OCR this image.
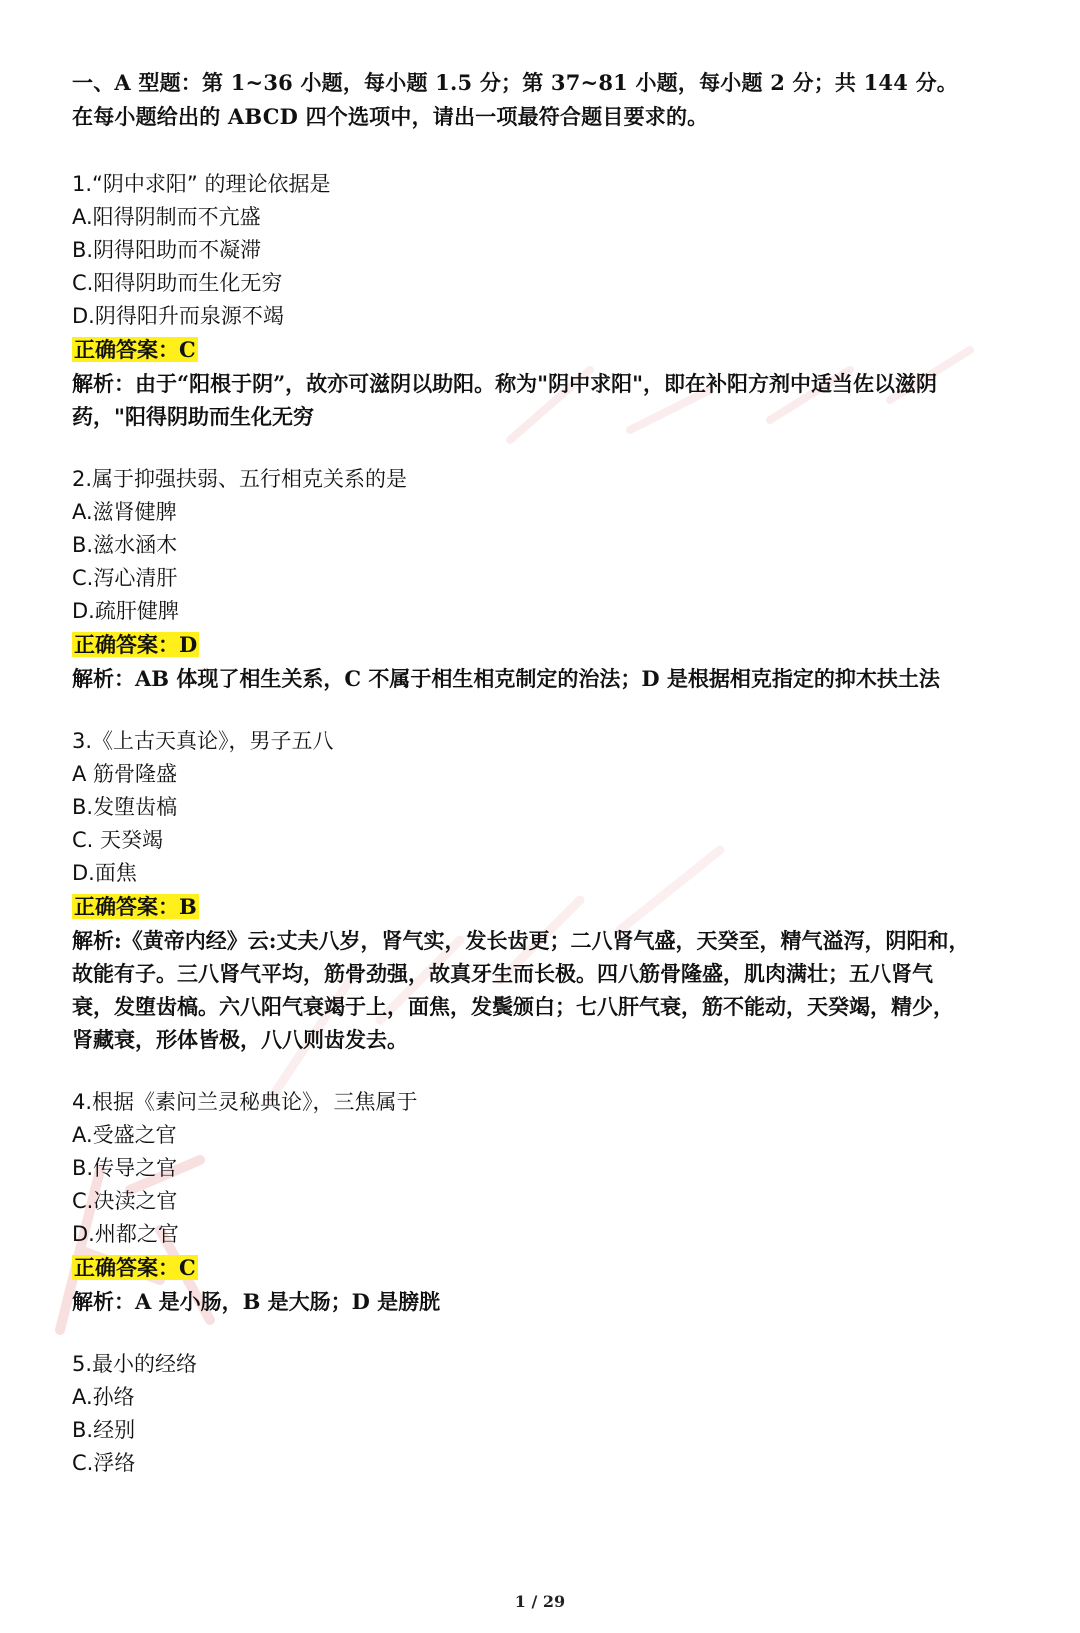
一、A 型题：第 1~36 小题，每小题 1.5 分；第 37~81 小题，每小题 2 分；共 144 分。在每小题给出的 ABCD 四个选项中，请出一项最符合题目要求的。
1.“阴中求阳” 的理论依据是
A.阳得阴制而不亢盛
B.阴得阳助而不凝滞
C.阳得阴助而生化无穷
D.阴得阳升而泉源不竭
正确答案：C
解析：由于“阳根于阴”，故亦可滋阴以助阳。称为"阴中求阳"，即在补阳方剂中适当佐以滋阴药，"阳得阴助而生化无穷
2.属于抑强扶弱、五行相克关系的是
A.滋肾健脾
B.滋水涵木
C.泻心清肝
D.疏肝健脾
正确答案：D
解析：AB 体现了相生关系，C 不属于相生相克制定的治法；D 是根据相克指定的抑木扶土法
3.《上古天真论》，男子五八
A 筋骨隆盛
B.发堕齿槁
C. 天癸竭
D.面焦
正确答案：B
解析:《黄帝内经》云:丈夫八岁，肾气实，发长齿更；二八肾气盛，天癸至，精气溢泻，阴阳和，故能有子。三八肾气平均，筋骨劲强，故真牙生而长极。四八筋骨隆盛，肌肉满壮；五八肾气衰，发堕齿槁。六八阳气衰竭于上，面焦，发鬓颁白；七八肝气衰，筋不能动，天癸竭，精少，肾藏衰，形体皆极，八八则齿发去。
4.根据《素问兰灵秘典论》，三焦属于
A.受盛之官
B.传导之官
C.决渎之官
D.州都之官
正确答案：C
解析：A 是小肠，B 是大肠；D 是膀胱
5.最小的经络
A.孙络
B.经别
C.浮络
1 / 29
